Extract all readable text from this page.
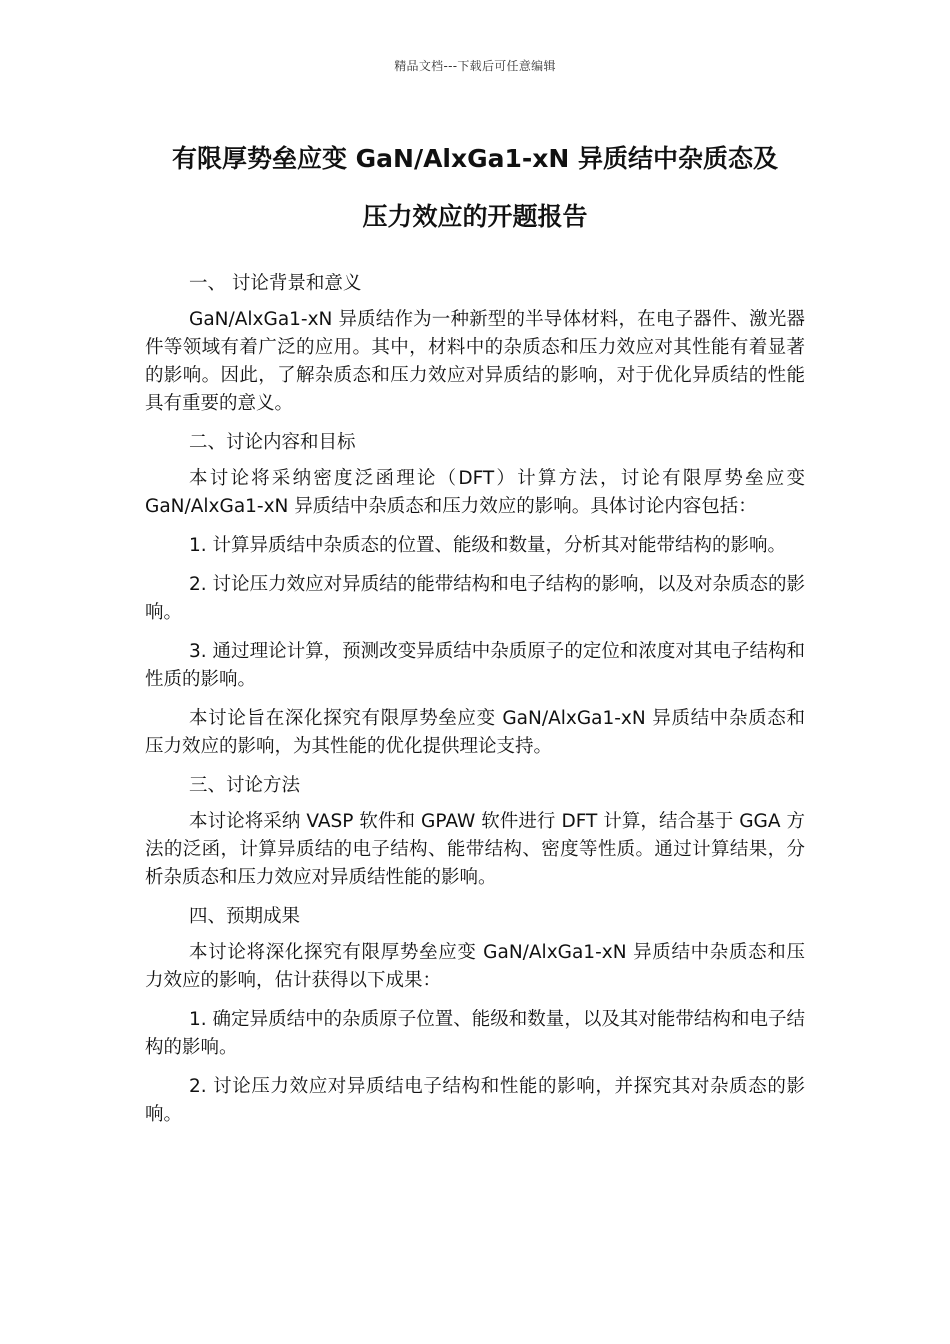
精品文档---下载后可任意编辑
有限厚势垒应变 GaN/AlxGa1-xN 异质结中杂质态及
压力效应的开题报告

一、 讨论背景和意义

GaN/AlxGa1-xN 异质结作为一种新型的半导体材料，在电子器件、激光器件等领域有着广泛的应用。其中，材料中的杂质态和压力效应对其性能有着显著的影响。因此，了解杂质态和压力效应对异质结的影响，对于优化异质结的性能具有重要的意义。

二、讨论内容和目标

本讨论将采纳密度泛函理论（DFT）计算方法，讨论有限厚势垒应变 GaN/AlxGa1-xN 异质结中杂质态和压力效应的影响。具体讨论内容包括：

1. 计算异质结中杂质态的位置、能级和数量，分析其对能带结构的影响。

2. 讨论压力效应对异质结的能带结构和电子结构的影响，以及对杂质态的影响。

3. 通过理论计算，预测改变异质结中杂质原子的定位和浓度对其电子结构和性质的影响。

本讨论旨在深化探究有限厚势垒应变 GaN/AlxGa1-xN 异质结中杂质态和压力效应的影响，为其性能的优化提供理论支持。

三、讨论方法

本讨论将采纳 VASP 软件和 GPAW 软件进行 DFT 计算，结合基于 GGA 方法的泛函，计算异质结的电子结构、能带结构、密度等性质。通过计算结果，分析杂质态和压力效应对异质结性能的影响。

四、预期成果

本讨论将深化探究有限厚势垒应变 GaN/AlxGa1-xN 异质结中杂质态和压力效应的影响，估计获得以下成果：

1. 确定异质结中的杂质原子位置、能级和数量，以及其对能带结构和电子结构的影响。

2. 讨论压力效应对异质结电子结构和性能的影响，并探究其对杂质态的影响。
